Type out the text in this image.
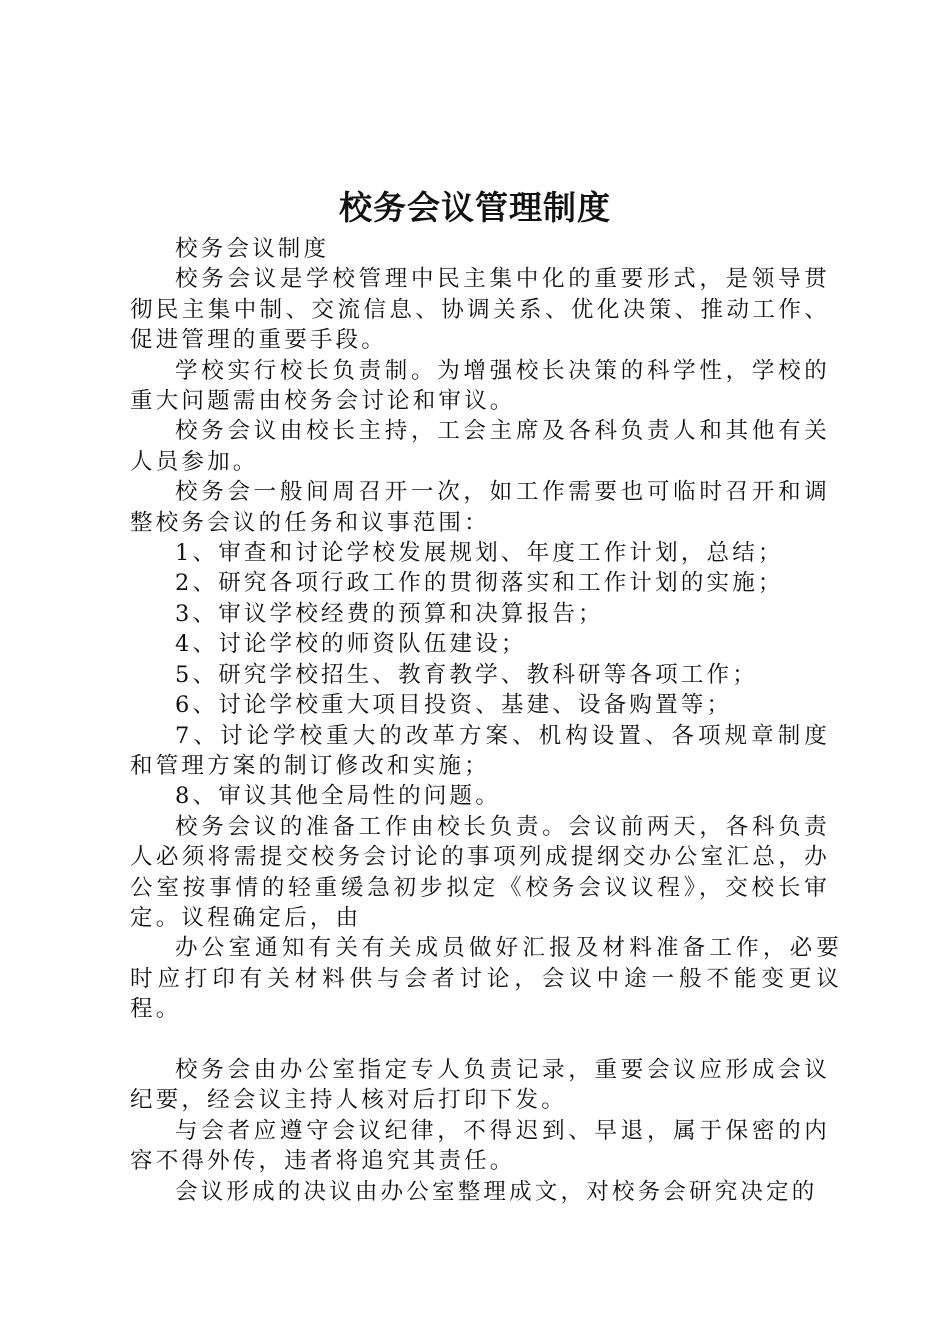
校务会议管理制度

校务会议制度

校务会议是学校管理中民主集中化的重要形式，是领导贯彻民主集中制、交流信息、协调关系、优化决策、推动工作、促进管理的重要手段。

学校实行校长负责制。为增强校长决策的科学性，学校的重大问题需由校务会讨论和审议。

校务会议由校长主持，工会主席及各科负责人和其他有关人员参加。

校务会一般间周召开一次，如工作需要也可临时召开和调整校务会议的任务和议事范围：

1、审查和讨论学校发展规划、年度工作计划，总结；

2、研究各项行政工作的贯彻落实和工作计划的实施；

3、审议学校经费的预算和决算报告；

4、讨论学校的师资队伍建设；

5、研究学校招生、教育教学、教科研等各项工作；

6、讨论学校重大项目投资、基建、设备购置等；

7、讨论学校重大的改革方案、机构设置、各项规章制度和管理方案的制订修改和实施；

8、审议其他全局性的问题。

校务会议的准备工作由校长负责。会议前两天，各科负责人必须将需提交校务会讨论的事项列成提纲交办公室汇总，办公室按事情的轻重缓急初步拟定《校务会议议程》，交校长审定。议程确定后，由

办公室通知有关有关成员做好汇报及材料准备工作，必要时应打印有关材料供与会者讨论，会议中途一般不能变更议程。

校务会由办公室指定专人负责记录，重要会议应形成会议纪要，经会议主持人核对后打印下发。

与会者应遵守会议纪律，不得迟到、早退，属于保密的内容不得外传，违者将追究其责任。

会议形成的决议由办公室整理成文，对校务会研究决定的
